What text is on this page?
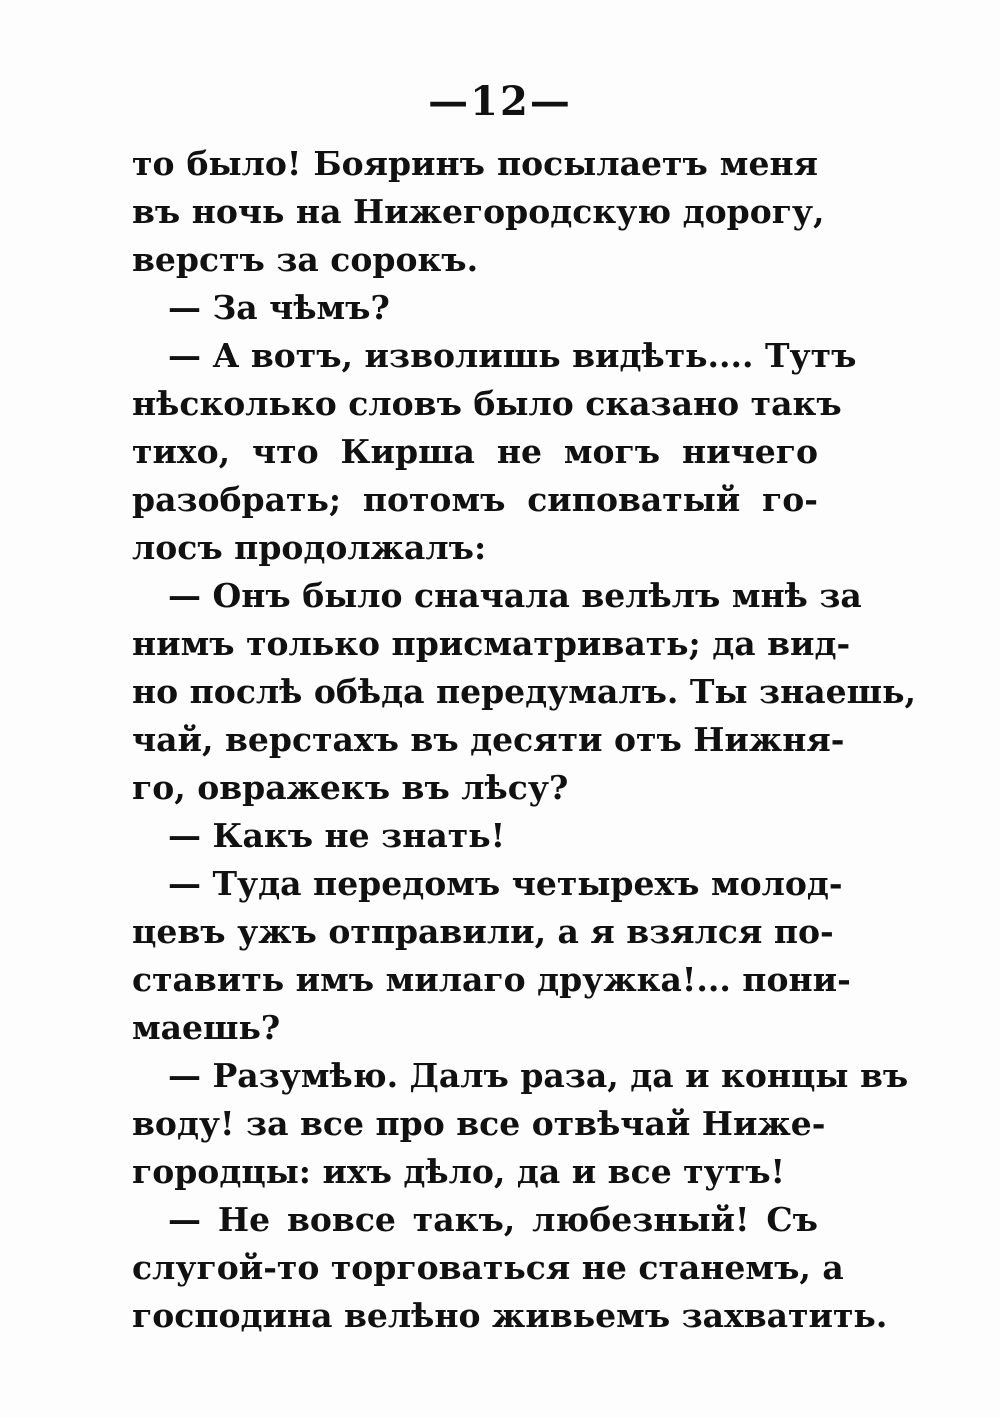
—12—
то было! Бояринъ посылаетъ меня
въ ночь на Нижегородскую дорогу,
верстъ за сорокъ.
— За чѣмъ?
— А вотъ, изволишь видѣть.... Тутъ
нѣсколько словъ было сказано такъ
тихо, что Кирша не могъ ничего
разобрать; потомъ сиповатый го-
лосъ продолжалъ:
— Онъ было сначала велѣлъ мнѣ за
нимъ только присматривать; да вид-
но послѣ обѣда передумалъ. Ты знаешь,
чай, верстахъ въ десяти отъ Нижня-
го, овражекъ въ лѣсу?
— Какъ не знать!
— Туда передомъ четырехъ молод-
цевъ ужъ отправили, а я взялся по-
ставить имъ милаго дружка!... пони-
маешь?
— Разумѣю. Далъ раза, да и концы въ
воду! за все про все отвѣчай Ниже-
городцы: ихъ дѣло, да и все тутъ!
— Не вовсе такъ, любезный! Съ
слугой-то торговаться не станемъ, а
господина велѣно живьемъ захватить.
